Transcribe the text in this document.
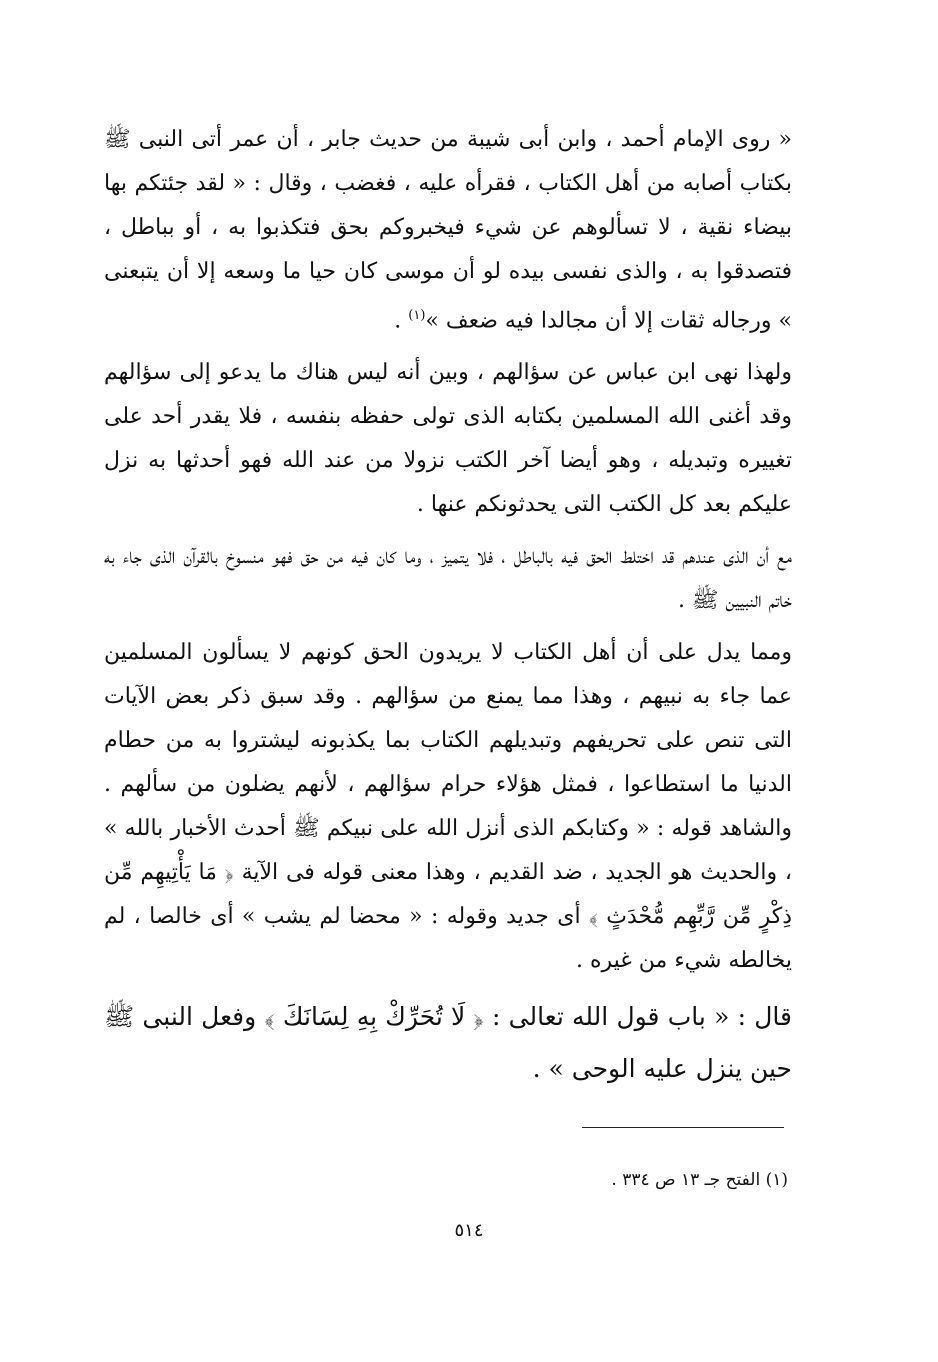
« روى الإمام أحمد ، وابن أبى شيبة من حديث جابر ، أن عمر أتى النبى ﷺ بكتاب أصابه من أهل الكتاب ، فقرأه عليه ، فغضب ، وقال : « لقد جئتكم بها بيضاء نقية ، لا تسألوهم عن شيء فيخبروكم بحق فتكذبوا به ، أو بباطل ، فتصدقوا به ، والذى نفسى بيده لو أن موسى كان حيا ما وسعه إلا أن يتبعنى » ورجاله ثقات إلا أن مجالدا فيه ضعف »$^{(١)}$ .

ولهذا نهى ابن عباس عن سؤالهم ، وبين أنه ليس هناك ما يدعو إلى سؤالهم وقد أغنى الله المسلمين بكتابه الذى تولى حفظه بنفسه ، فلا يقدر أحد على تغييره وتبديله ، وهو أيضا آخر الكتب نزولا من عند الله فهو أحدثها به نزل عليكم بعد كل الكتب التى يحدثونكم عنها .

مع أن الذى عندهم قد اختلط الحق فيه بالباطل ، فلا يتميز ، وما كان فيه من حق فهو منسوخ بالقرآن الذى جاء به خاتم النبيين ﷺ .

ومما يدل على أن أهل الكتاب لا يريدون الحق كونهم لا يسألون المسلمين عما جاء به نبيهم ، وهذا مما يمنع من سؤالهم . وقد سبق ذكر بعض الآيات التى تنص على تحريفهم وتبديلهم الكتاب بما يكذبونه ليشتروا به من حطام الدنيا ما استطاعوا ، فمثل هؤلاء حرام سؤالهم ، لأنهم يضلون من سألهم . والشاهد قوله : « وكتابكم الذى أنزل الله على نبيكم ﷺ أحدث الأخبار بالله » ، والحديث هو الجديد ، ضد القديم ، وهذا معنى قوله فى الآية ﴿ مَا يَأْتِيهِم مِّن ذِكْرٍ مِّن رَّبِّهِم مُّحْدَثٍ ﴾ أى جديد وقوله : « محضا لم يشب » أى خالصا ، لم يخالطه شيء من غيره .

قال : « باب قول الله تعالى : ﴿ لَا تُحَرِّكْ بِهِ لِسَانَكَ ﴾ وفعل النبى ﷺ حين ينزل عليه الوحى » .

(١) الفتح جـ ١٣ ص ٣٣٤ .
٥١٤
